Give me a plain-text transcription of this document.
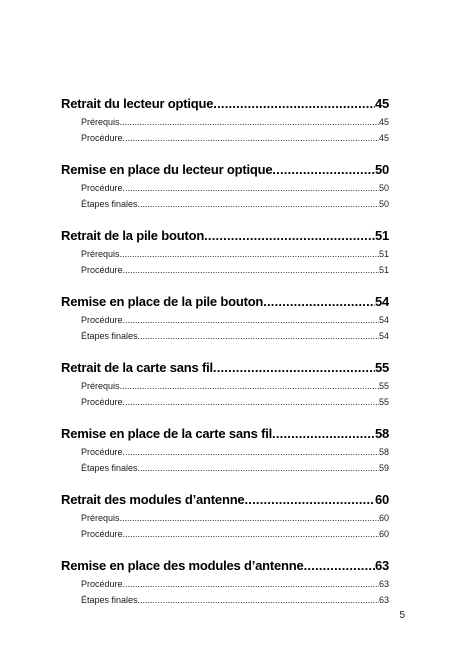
Retrait du lecteur optique .....	45
Prérequis .....	45
Procédure .....	45
Remise en place du lecteur optique .....	50
Procédure .....	50
Étapes finales .....	50
Retrait de la pile bouton .....	51
Prérequis .....	51
Procédure .....	51
Remise en place de la pile bouton .....	54
Procédure .....	54
Étapes finales .....	54
Retrait de la carte sans fil .....	55
Prérequis .....	55
Procédure .....	55
Remise en place de la carte sans fil .....	58
Procédure .....	58
Étapes finales .....	59
Retrait des modules d’antenne .....	60
Prérequis .....	60
Procédure .....	60
Remise en place des modules d’antenne .....	63
Procédure .....	63
Étapes finales .....	63
5
